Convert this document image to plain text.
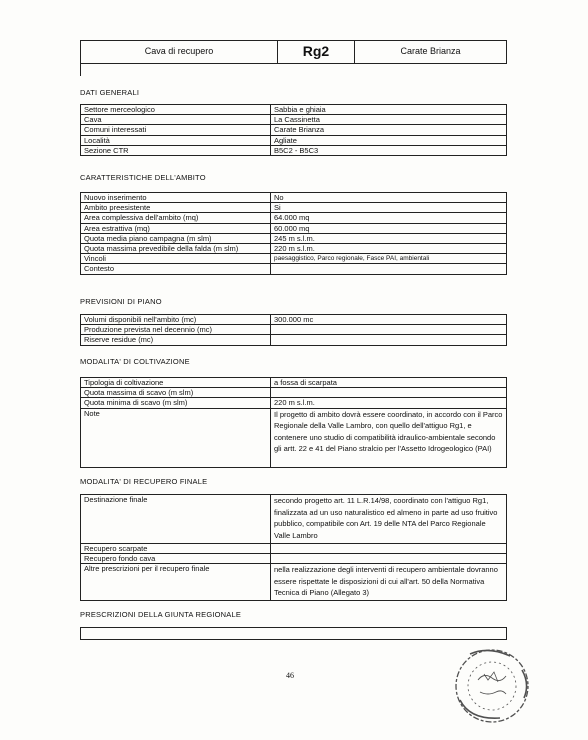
Cava di recupero	Rg2	Carate Brianza
DATI GENERALI
Settore merceologico	Sabbia e ghiaia
Cava	La Cassinetta
Comuni interessati	Carate Brianza
Località	Agliate
Sezione CTR	B5C2 - B5C3
CARATTERISTICHE DELL'AMBITO
Nuovo inserimento	No
Ambito preesistente	Si
Area complessiva dell'ambito (mq)	64.000 mq
Area estrattiva (mq)	60.000 mq
Quota media piano campagna (m slm)	245 m s.l.m.
Quota massima prevedibile della falda (m slm)	220 m s.l.m.
Vincoli	paesaggistico, Parco regionale, Fasce PAI, ambientali
Contesto	
PREVISIONI DI PIANO
Volumi disponibili nell'ambito (mc)	300.000 mc
Produzione prevista nel decennio (mc)	
Riserve residue (mc)	
MODALITA' DI COLTIVAZIONE
Tipologia di coltivazione	a fossa di scarpata
Quota massima di scavo (m slm)	
Quota minima di scavo (m slm)	220 m s.l.m.
Note	Il progetto di ambito dovrà essere coordinato, in accordo con il Parco Regionale della Valle Lambro, con quello dell'attiguo Rg1, e contenere uno studio di compatibilità idraulico-ambientale secondo gli artt. 22 e 41 del Piano stralcio per l'Assetto Idrogeologico (PAI)
MODALITA' DI RECUPERO FINALE
Destinazione finale	secondo progetto art. 11 L.R.14/98, coordinato con l'attiguo Rg1, finalizzata ad un uso naturalistico ed almeno in parte ad uso fruitivo pubblico, compatibile con Art. 19 delle NTA del Parco Regionale Valle Lambro
Recupero scarpate	
Recupero fondo cava	
Altre prescrizioni per il recupero finale	nella realizzazione degli interventi di recupero ambientale dovranno essere rispettate le disposizioni di cui all'art. 50 della Normativa Tecnica di Piano (Allegato 3)
PRESCRIZIONI DELLA GIUNTA REGIONALE
46
